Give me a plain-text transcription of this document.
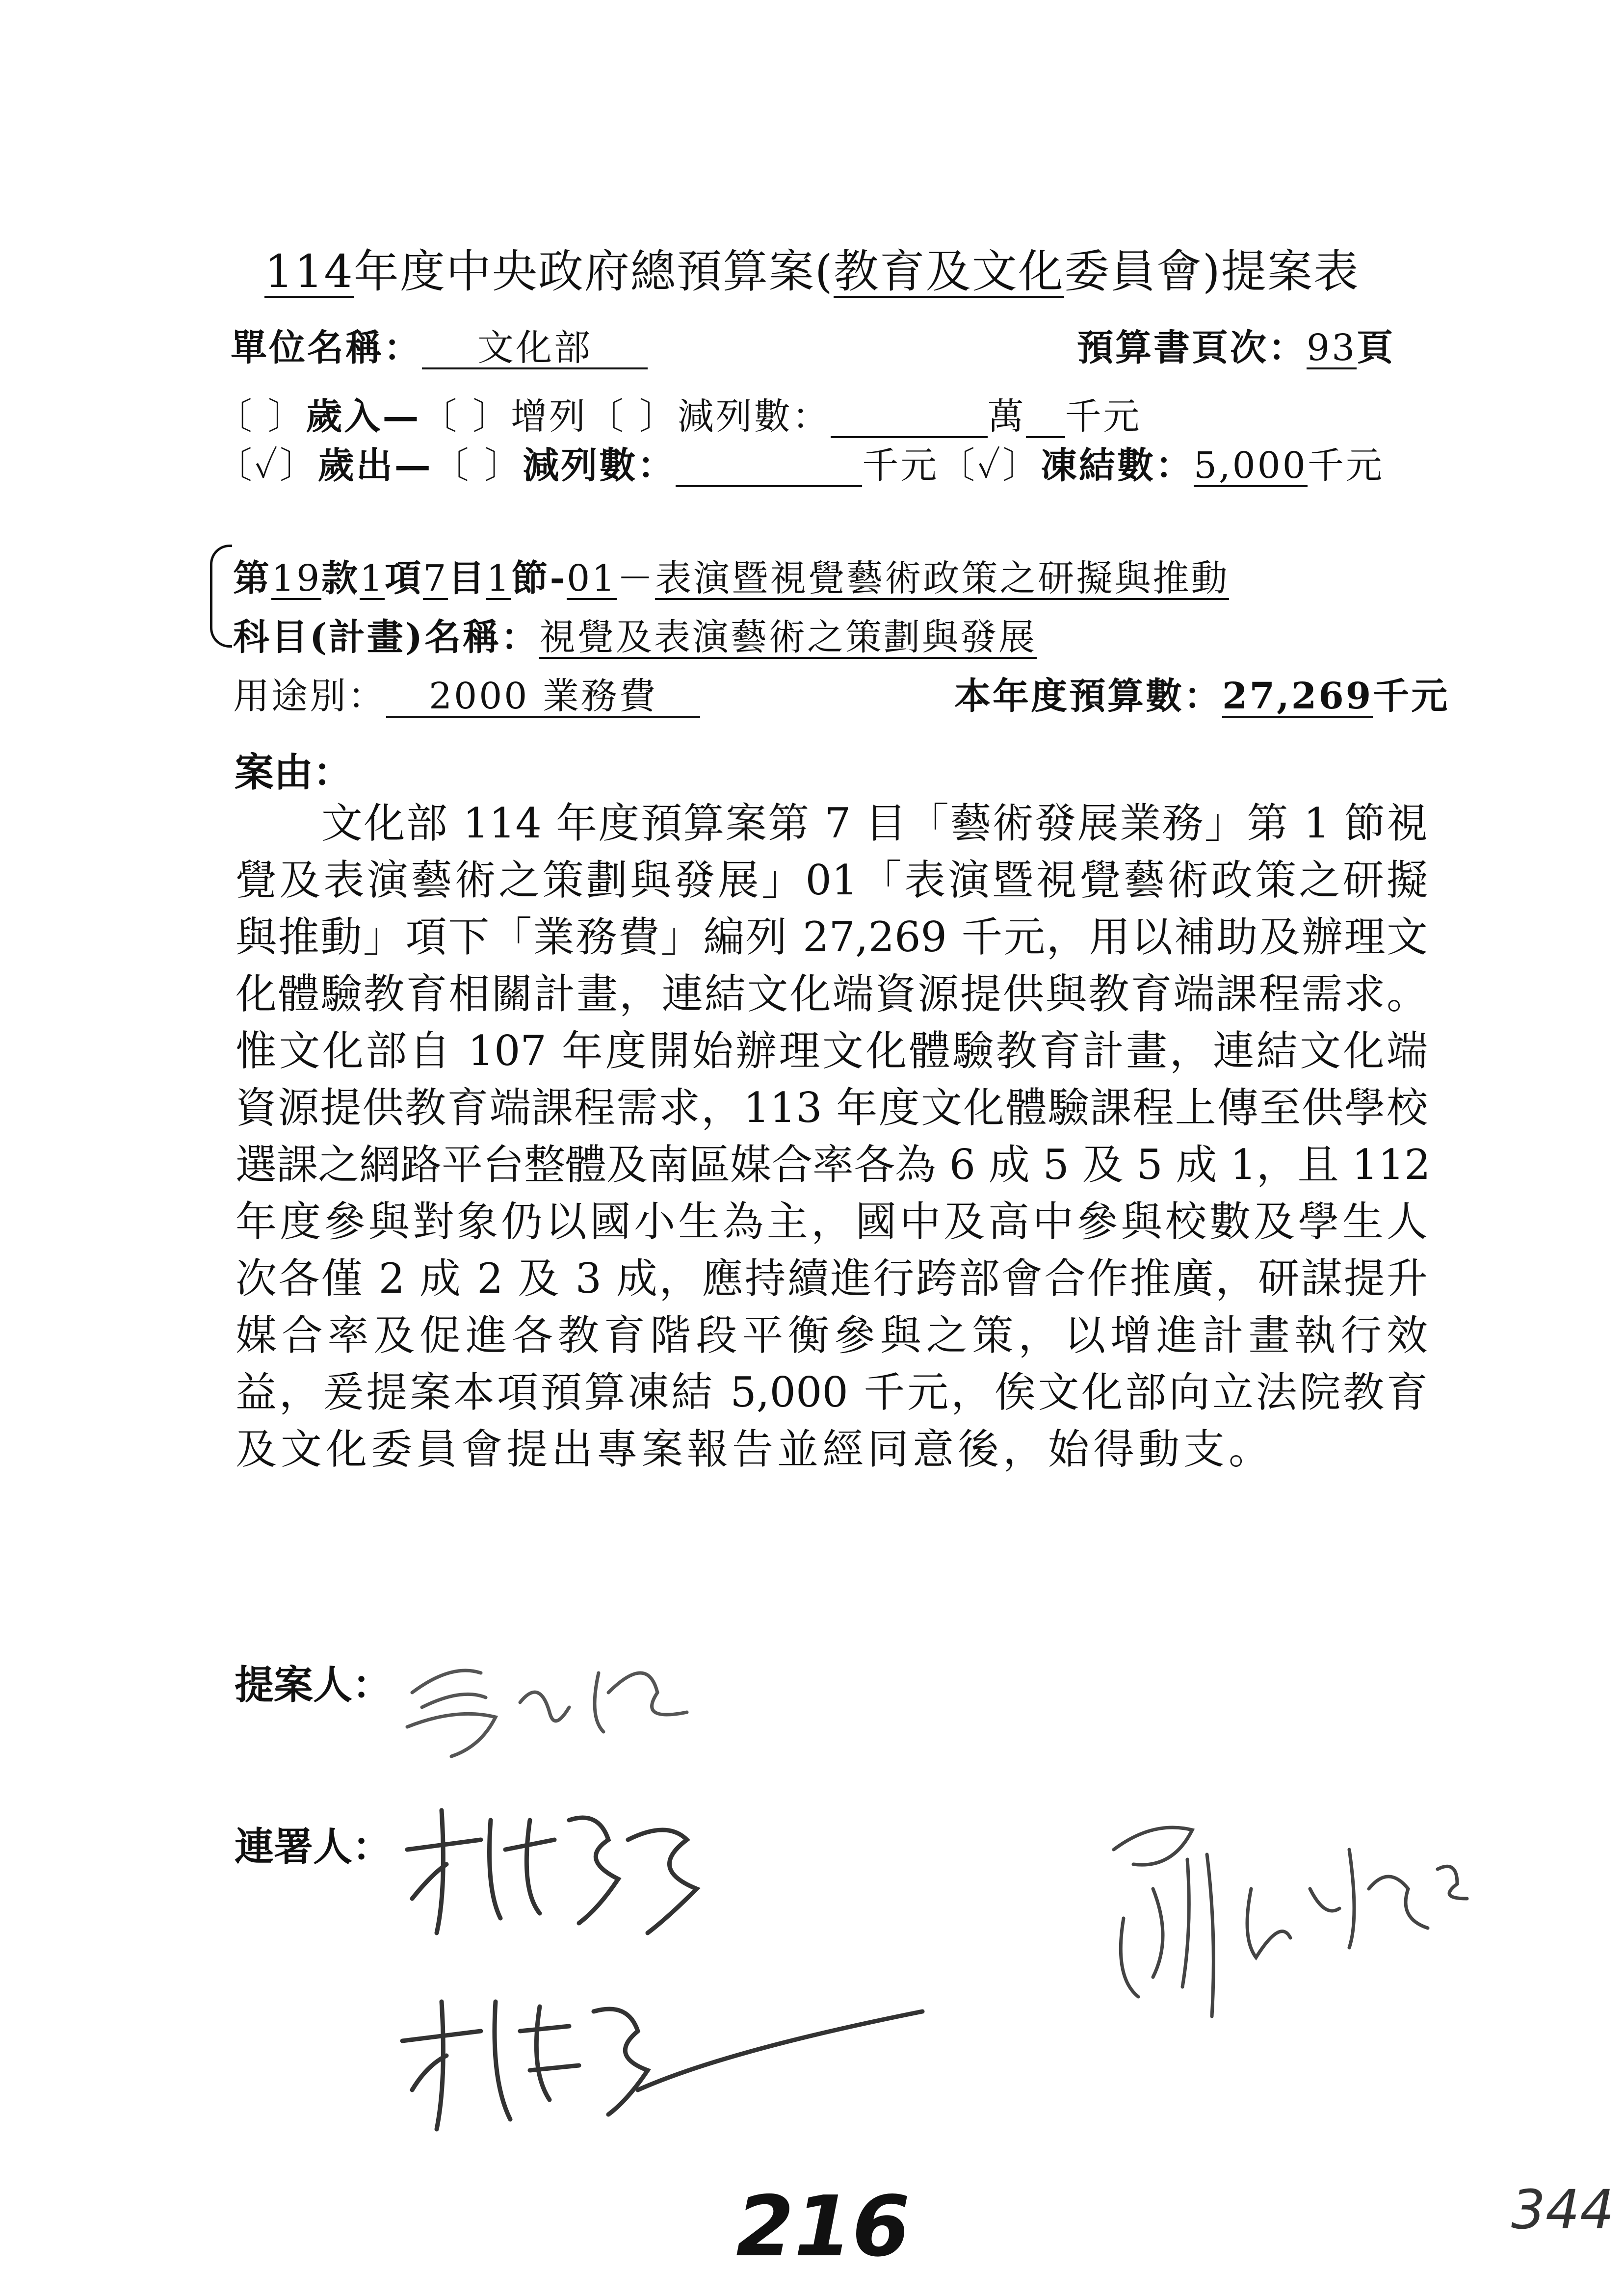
114年度中央政府總預算案(教育及文化委員會)提案表
單位名稱： 文化部	預算書頁次：93頁
〔 〕歲入—〔 〕增列〔 〕減列數：	萬 千元
〔✓〕歲出—〔 〕減列數：	千元〔✓〕凍結數：5,000千元
第19款1項7目1節-01－表演暨視覺藝術政策之研擬與推動
科目(計畫)名稱：視覺及表演藝術之策劃與發展
用途別： 2000 業務費	本年度預算數：27,269千元
案由：
文化部 114 年度預算案第 7 目「藝術發展業務」第 1 節視
覺及表演藝術之策劃與發展」01「表演暨視覺藝術政策之研擬
與推動」項下「業務費」編列 27,269 千元，用以補助及辦理文
化體驗教育相關計畫，連結文化端資源提供與教育端課程需求。
惟文化部自 107 年度開始辦理文化體驗教育計畫，連結文化端
資源提供教育端課程需求，113 年度文化體驗課程上傳至供學校
選課之網路平台整體及南區媒合率各為 6 成 5 及 5 成 1，且 112
年度參與對象仍以國小生為主，國中及高中參與校數及學生人
次各僅 2 成 2 及 3 成，應持續進行跨部會合作推廣，研謀提升
媒合率及促進各教育階段平衡參與之策，以增進計畫執行效
益，爰提案本項預算凍結 5,000 千元，俟文化部向立法院教育
及文化委員會提出專案報告並經同意後，始得動支。
提案人：
連署人：
216	344
